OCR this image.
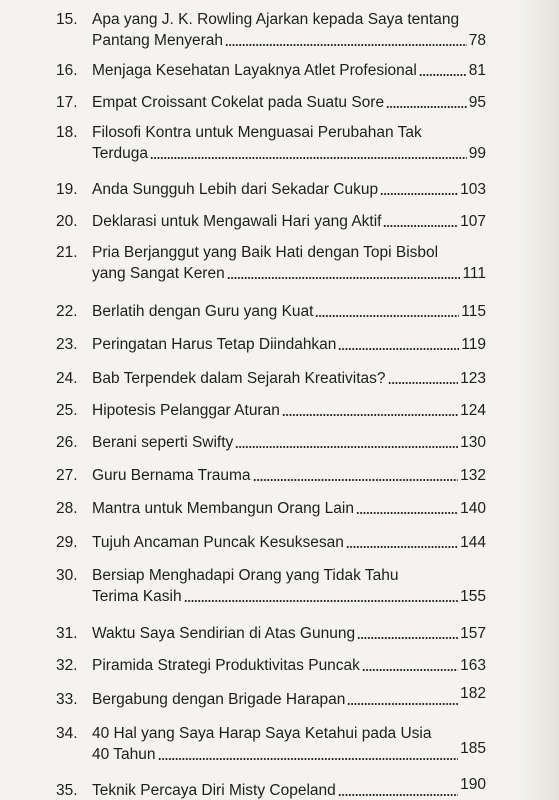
15. Apa yang J. K. Rowling Ajarkan kepada Saya tentang
Pantang Menyerah	78
16. Menjaga Kesehatan Layaknya Atlet Profesional	81
17. Empat Croissant Cokelat pada Suatu Sore	95
18. Filosofi Kontra untuk Menguasai Perubahan Tak
Terduga	99
19. Anda Sungguh Lebih dari Sekadar Cukup	103
20. Deklarasi untuk Mengawali Hari yang Aktif	107
21. Pria Berjanggut yang Baik Hati dengan Topi Bisbol
yang Sangat Keren	111
22. Berlatih dengan Guru yang Kuat	115
23. Peringatan Harus Tetap Diindahkan	119
24. Bab Terpendek dalam Sejarah Kreativitas?	123
25. Hipotesis Pelanggar Aturan	124
26. Berani seperti Swifty	130
27. Guru Bernama Trauma	132
28. Mantra untuk Membangun Orang Lain	140
29. Tujuh Ancaman Puncak Kesuksesan	144
30. Bersiap Menghadapi Orang yang Tidak Tahu
Terima Kasih	155
31. Waktu Saya Sendirian di Atas Gunung	157
32. Piramida Strategi Produktivitas Puncak	163
33. Bergabung dengan Brigade Harapan	182
34. 40 Hal yang Saya Harap Saya Ketahui pada Usia
40 Tahun	185
35. Teknik Percaya Diri Misty Copeland	190
